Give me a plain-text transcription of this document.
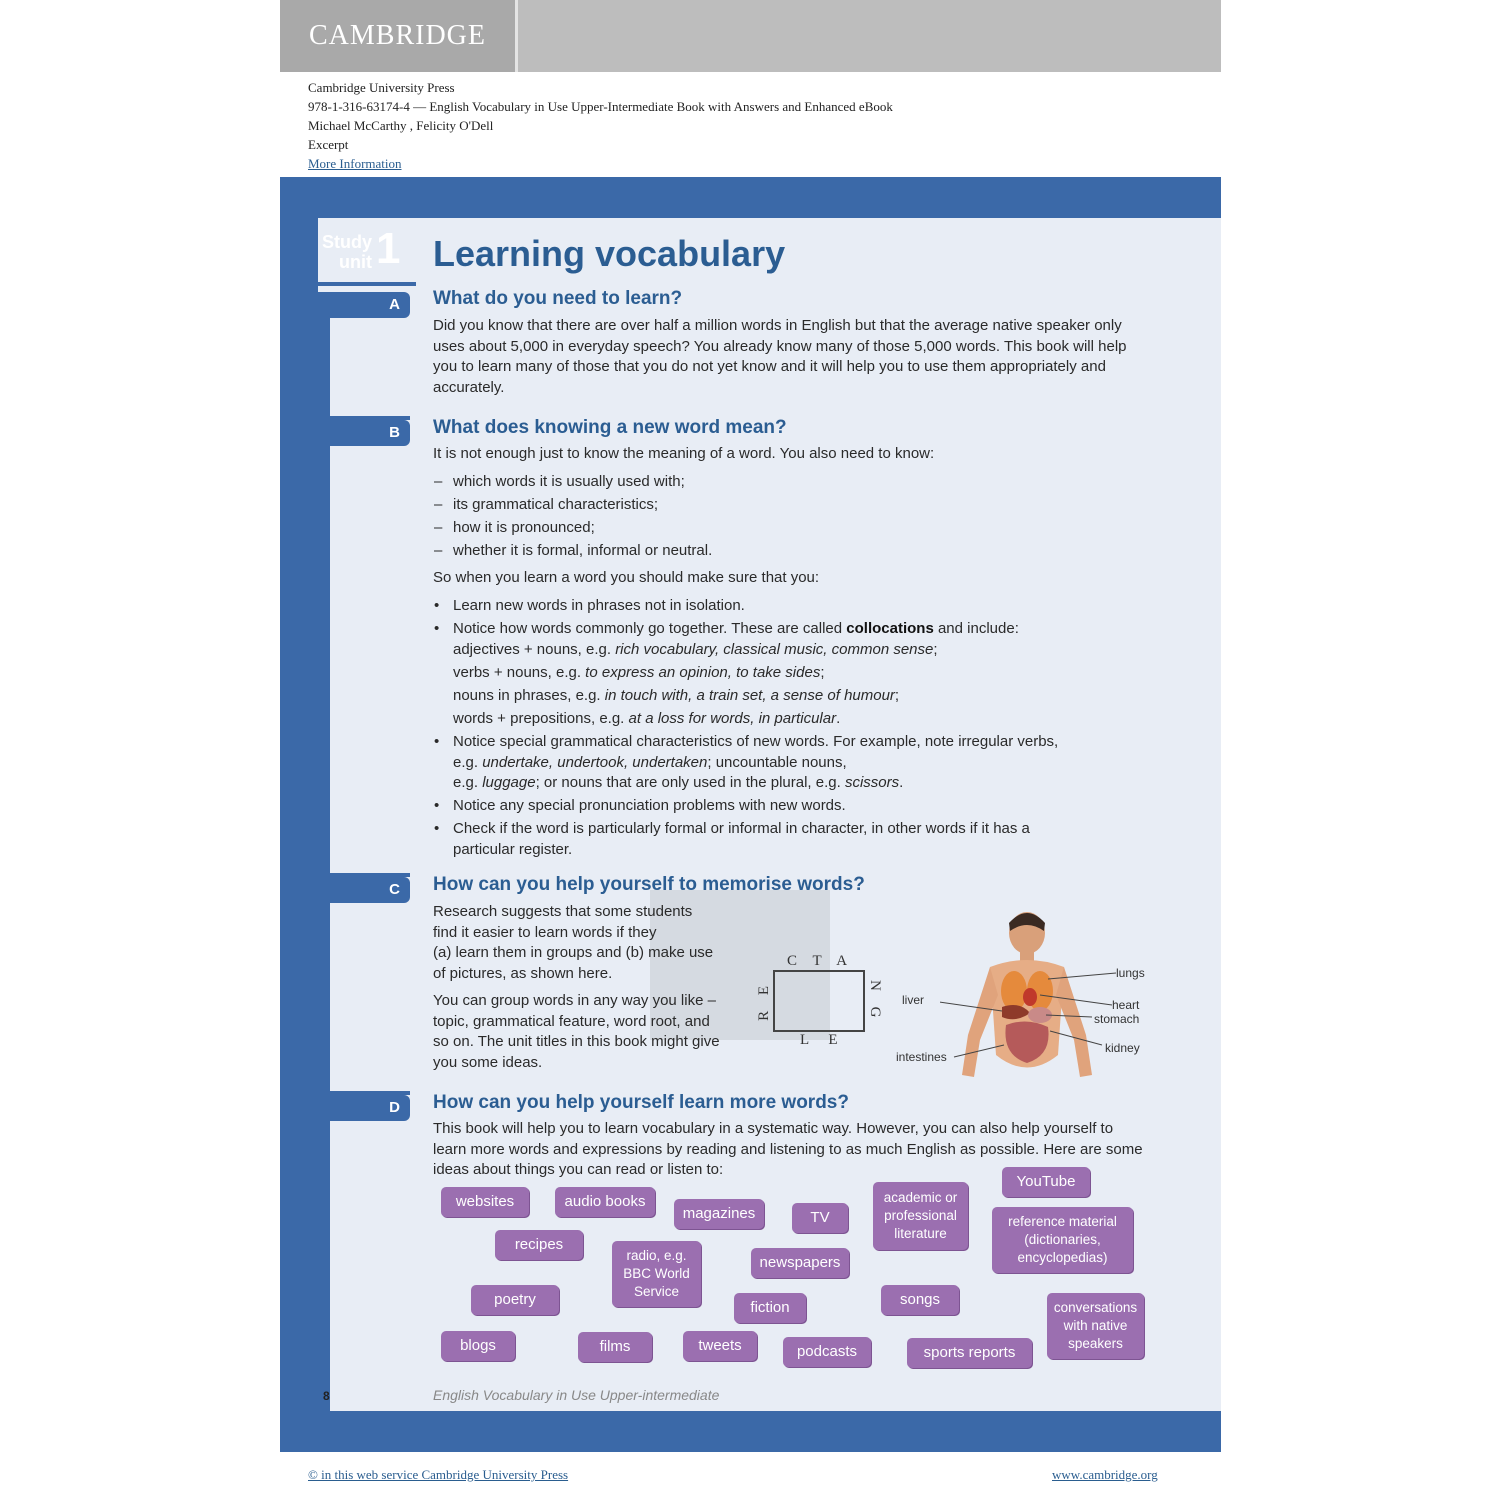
CAMBRIDGE
Cambridge University Press
978-1-316-63174-4 — English Vocabulary in Use Upper-Intermediate Book with Answers and Enhanced eBook
Michael McCarthy , Felicity O'Dell
Excerpt
More Information
Study
unit 1 Learning vocabulary
A
B
C
D
What do you need to learn?
Did you know that there are over half a million words in English but that the average native speaker only uses about 5,000 in everyday speech? You already know many of those 5,000 words. This book will help you to learn many of those that you do not yet know and it will help you to use them appropriately and accurately.
What does knowing a new word mean?
It is not enough just to know the meaning of a word. You also need to know:
– which words it is usually used with;
– its grammatical characteristics;
– how it is pronounced;
– whether it is formal, informal or neutral.
So when you learn a word you should make sure that you:
• Learn new words in phrases not in isolation.
• Notice how words commonly go together. These are called collocations and include:
adjectives + nouns, e.g. rich vocabulary, classical music, common sense;
verbs + nouns, e.g. to express an opinion, to take sides;
nouns in phrases, e.g. in touch with, a train set, a sense of humour;
words + prepositions, e.g. at a loss for words, in particular.
• Notice special grammatical characteristics of new words. For example, note irregular verbs,
e.g. undertake, undertook, undertaken; uncountable nouns,
e.g. luggage; or nouns that are only used in the plural, e.g. scissors.
• Notice any special pronunciation problems with new words.
• Check if the word is particularly formal or informal in character, in other words if it has a
particular register.
How can you help yourself to memorise words?
Research suggests that some students
find it easier to learn words if they
(a) learn them in groups and (b) make use
of pictures, as shown here.
You can group words in any way you like –
topic, grammatical feature, word root, and
so on. The unit titles in this book might give
you some ideas.
C T A
N G
L E
R E
lungs
liver	heart
stomach
kidney
intestines
How can you help yourself learn more words?
This book will help you to learn vocabulary in a systematic way. However, you can also help yourself to learn more words and expressions by reading and listening to as much English as possible. Here are some ideas about things you can read or listen to:
websites	audio books
magazines	TV
academic or professional literature
YouTube
reference material (dictionaries, encyclopedias)
recipes
radio, e.g. BBC World Service
newspapers
poetry	fiction	songs	conversations with native speakers
blogs	films	tweets	podcasts	sports reports
8	English Vocabulary in Use Upper-intermediate
© in this web service Cambridge University Press	www.cambridge.org
